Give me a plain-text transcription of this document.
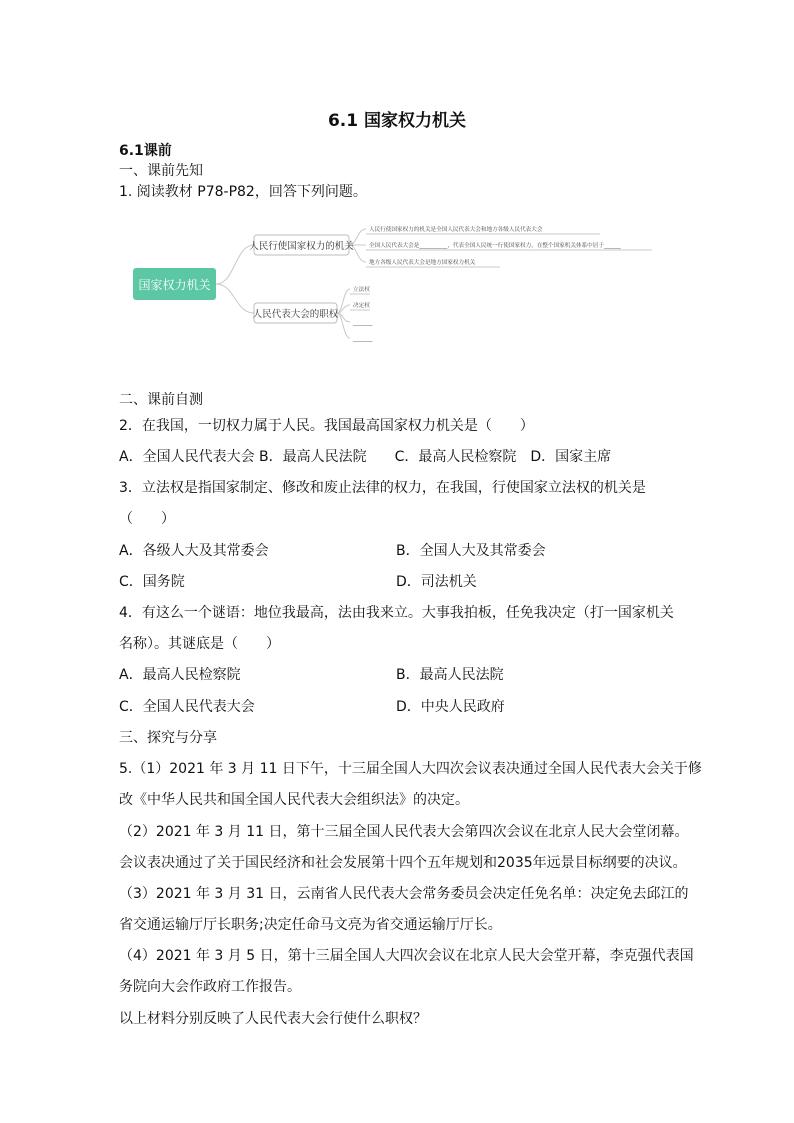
6.1 国家权力机关
6.1课前
一、课前先知
1. 阅读教材 P78-P82，回答下列问题。
国家权力机关
人民行使国家权力的机关
人民代表大会的职权
人民行使国家权力的机关是全国人民代表大会和地方各级人民代表大会
全国人民代表大会是__________，代表全国人民统一行使国家权力，在整个国家机关体系中居于______
地方各级人民代表大会是地方国家权力机关
立法权
决定权
_______
_______
二、课前自测
2．在我国，一切权力属于人民。我国最高国家权力机关是（　　）
A．全国人民代表大会 B．最高人民法院　　C．最高人民检察院　D．国家主席
3．立法权是指国家制定、修改和废止法律的权力，在我国，行使国家立法权的机关是
（　　）
A．各级人大及其常委会	B．全国人大及其常委会
C．国务院	D．司法机关
4．有这么一个谜语：地位我最高，法由我来立。大事我拍板，任免我决定（打一国家机关
名称）。其谜底是（　　）
A．最高人民检察院	B．最高人民法院
C．全国人民代表大会	D．中央人民政府
三、探究与分享
5.（1）2021 年 3 月 11 日下午，十三届全国人大四次会议表决通过全国人民代表大会关于修
改《中华人民共和国全国人民代表大会组织法》的决定。
（2）2021 年 3 月 11 日，第十三届全国人民代表大会第四次会议在北京人民大会堂闭幕。
会议表决通过了关于国民经济和社会发展第十四个五年规划和2035年远景目标纲要的决议。
（3）2021 年 3 月 31 日，云南省人民代表大会常务委员会决定任免名单：决定免去邱江的
省交通运输厅厅长职务;决定任命马文亮为省交通运输厅厅长。
（4）2021 年 3 月 5 日，第十三届全国人大四次会议在北京人民大会堂开幕，李克强代表国
务院向大会作政府工作报告。
以上材料分别反映了人民代表大会行使什么职权？
